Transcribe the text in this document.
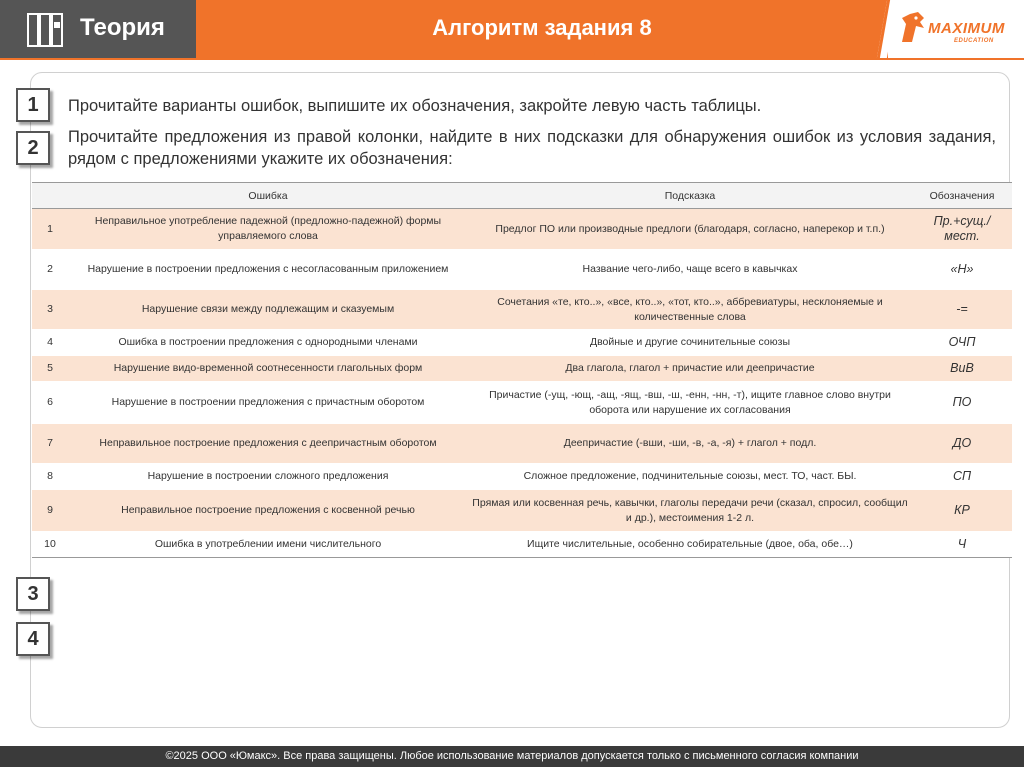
Теория	Алгоритм задания 8	MAXIMUM
EDUCATION
1	Прочитайте варианты ошибок, выпишите их обозначения, закройте левую часть таблицы.
2	Прочитайте предложения из правой колонки, найдите в них подсказки для обнаружения ошибок из условия задания, рядом с предложениями укажите их обозначения:
	Ошибка	Подсказка	Обозначения
1	Неправильное употребление падежной (предложно-падежной) формы управляемого слова	Предлог ПО или производные предлоги (благодаря, согласно, наперекор и т.п.)	Пр.+сущ./ мест.
2	Нарушение в построении предложения с несогласованным приложением	Название чего-либо, чаще всего в кавычках	«Н»
3	Нарушение связи между подлежащим и сказуемым	Сочетания «те, кто..», «все, кто..», «тот, кто..», аббревиатуры, несклоняемые и количественные слова	-=
4	Ошибка в построении предложения с однородными членами	Двойные и другие сочинительные союзы	ОЧП
5	Нарушение видо-временной соотнесенности глагольных форм	Два глагола, глагол + причастие или деепричастие	ВиВ
6	Нарушение в построении предложения с причастным оборотом	Причастие (-ущ, -ющ, -ащ, -ящ, -вш, -ш, -енн, -нн, -т), ищите главное слово внутри оборота или нарушение их согласования	ПО
7	Неправильное построение предложения с деепричастным оборотом	Деепричастие (-вши, -ши, -в, -а, -я) + глагол + подл.	ДО
8	Нарушение в построении сложного предложения	Сложное предложение, подчинительные союзы, мест. ТО, част. БЫ.	СП
9	Неправильное построение предложения с косвенной речью	Прямая или косвенная речь, кавычки, глаголы передачи речи (сказал, спросил, сообщил и др.), местоимения 1-2 л.	КР
10	Ошибка в употреблении имени числительного	Ищите числительные, особенно собирательные (двое, оба, обе…)	Ч
3
4
©2025 ООО «Юмакс». Все права защищены. Любое использование материалов допускается только с письменного согласия компании
